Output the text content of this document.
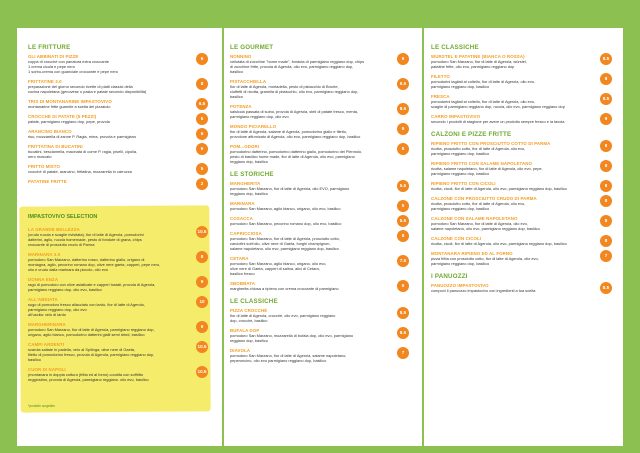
LE FRITTURE
GLI ABBINATI DI PIZZE
coppa di crocchè con panatura extra croccante
1 crema cicola e pepe nero
1 sorbo-crema con guanciale croccante e pepe nero
6
FRITTATINE 3.0
preparazione del giorno secondo ricette di piatti classici della
cucina napoletana (genovese o pasta e patate secondo disponibilità)
8
TRIS DI MONTANARINE IMPASTOVIVO
montanarine fritte guarnite a scelta del pizzaiolo
6.5
CROCCHÈ DI PATATE (5 PEZZI)
patate, parmigiano reggiano dop, pepe, provola
5
ARANCINO BIANCO
riso, mozzarella di zanne P. Ragia, mirra, provola e parmigiano
6
FRITTATINA DI BUCATINI
bucatini, besciamella, macinata di corne P. ragia, piselli, cipolla,
nero moscato
6
FRITTO MISTO
crocchè di patate, arancino, frittatina, mozzarella in carrozza
5
PATATINE FRITTE	2
IMPASTOVIVO SELECTION
LA GRANDE BELLEZZA
(crudo rucola e scaglie rivisitata), fior di latte di Agerola, pomodorini
datterini, aglio, rucola homemade, pesto di fondute di grana, chips
croccante di prosciutto crudo di Parma
10.5
MARINARA 3.0
pomodoro San Marzano, datterino rosso, datterino giallo, origano di
montagna, aglio, pecorino romano dop, olive nere gaeta, capperi, pepe nero,
olio e crudo dalla marinara da piccolo, olio evo
8
DONNA ENZA
ragù di pomodoro con olive asiaticate e capperi tostati, provola di Agerola,
parmigiano reggiano dop, olio evo, basilico
9
ALL'ABDIATA
sugo di pomodoro fresco allacciato con lardo, fior di latte di Agerola,
parmigiano reggiano dop, olio evo
all'uscita: velo di lardo
10
MARGHERINARA
pomodoro San Marzano, fior di latte di Agerola, parmigiano reggiano dop,
origano, aglio bianco, pomodorino datterini gialli semi dried, basilico
9
CAMPI ARDENTI
scarola saltate in padella, velo al Spilinga, olive nere di Gaeta,
filetto di pomodorino fresco, provola di Agerola, parmigiano reggiano dop,
basilico
10.5
CUOR DI NAPOLI
(montanara in doppia cottura (fritta ed al forno) condita con soffritto
reggiostino, provola di Agerola, parmigiano reggiano. olio evo, basilico
10.5
*prodotto surgelato
LE GOURMET
NONNINO
vellutata di zucchine "home made", fonduta di parmigiano reggiano dop, chips
di zucchine fritte, provola di Agerola, olio evo, parmigiano reggiano dop,
basilico
9
PISTACCHIELLA
fior di latte di Agerola, mortadella, pesto di pistacchio di Bronte,
ciuffetti di ricotta, granella di pistacchio, olio evo, parmigiano reggiano dop,
basilico
9.5
POTENZA
salsiccia passata di suino, provola di Agerola, steli di patate fresco, menta,
parmigiano reggiano dop, olio evo
8.5
MONDO PICIARELLO
fior di latte di Agerola, salame di Agerola, pomodorino giallo e filetto,
provolone affumicato di Agerola, olio evo, parmigiano reggiano dop, basilico
9
POM...ODORI
pomodorino datterino, pomodorino datterino giallo, pomodorino del Piennolo,
pesto di basilico home made, fior di latte di Agerola, olio evo, parmigiano
reggiano dop, basilico
8
LE STORICHE
MARGHERITA
pomodoro San Marzano, fior di latte di Agerola, olio EVO, parmigiano
reggiano dop, basilico
5.5
MARINARA
pomodoro San Marzano, aglio bianco, origano, olio evo, basilico
5
COSACCA
pomodoro San Marzano, pecorino romano dop, olio evo, basilico
5.5
CAPRICCIOSA
pomodoro San Marzano, fior di latte di Agerola, prosciutto cotto,
carciofini sott'olio, olive nere di Gaeta, funghi champignon,
salame napoletano, olio evo, parmigiano reggiano dop, basilico
8
CETARA
pomodoro San Marzano, aglio bianco, origano, olio evo,
olive nere di Gaeta, capperi di salina, alici di Cetara,
basilico fresco
7.5
SBOBBATA
margherita chiusa a ripieno con crema croccante di parmigiano
6
LE CLASSICHE
PIZZA CROCCHÈ
fior di latte di Agerola, crocchè, olio evo, parmigiano reggiano
dop, crocchè, basilico
8.5
BUFALA DOP
pomodoro San Marzano, mozzarella di bufala dop, olio evo, parmigiano
reggiano dop, basilico
8.5
DIAVOLA
pomodoro San Marzano, fior di latte di Agerola, salame napoletano,
peperoncino, olio evo parmigiano reggiano dop, basilico
7
LE CLASSICHE
WURSTEL E PATATINE (BIANCA O ROSSA)
pomodoro San Marzano, fior di latte di Agerola, würstel,
patatine fritte, olio evo, parmigiano reggiano dop
8.5
FILETTO
pomodorini tagliati al coltello, fior di latte di Agerola, olio evo,
parmigiano reggiano dop, basilico
8
FRESCA
pomodorini tagliati al coltello, fior di latte di Agerola, olio evo,
scaglie di parmigiano reggiano dop, rucola, olio evo, parmigiano reggiano dop
8.5
CARRO IMPASTOVIVO
secondo i prodotti di stagione per avere un prodotto sempre fresco e la tavola
9
CALZONI E PIZZE FRITTE
RIPIENO FRITTO CON PROSCIUTTO COTTO DI PARMA
ricotta, prosciutto cotto, fior di latte di Agerola, olio evo,
parmigiano reggiano dop, basilico
8
RIPIENO FRITTO CON SALAME NAPOLETANO
ricotta, salame napoletano, fior di latte di Agerola, olio evo, pepe,
parmigiano reggiano dop, basilico
8
RIPIENO FRITTO CON CICOLI
ricotta, cicoli, fior di latte di Agerola, olio evo, parmigiano reggiano dop, basilico
8
CALZONE CON PROSCIUTTO CRUDO DI PARMA
ricotta, prosciutto cotto, fior di latte di Agerola, olio evo,
parmigiano reggiano dop, basilico
8
CALZONE CON SALAME NAPOLETANO
pomodoro San Marzano, fior di latte di Agerola, olio evo,
salame napoletano, olio evo, parmigiano reggiano dop, basilico
8
CALZONE CON CICOLI
ricotta, cicoli, fior di latte di Agerola, olio evo, parmigiano reggiano dop, basilico
8
MONTANARA RIPIENO ED AL FORNO
pizza fritta con prosciutto cotto, fior di latte di Agerola, olio evo,
parmigiano reggiano dop, basilico
7
I PANUOZZI
PANUOZZO IMPASTOVIVO
componi il panuozzo impastovivo con ingredienti a tua scelta
8.5
